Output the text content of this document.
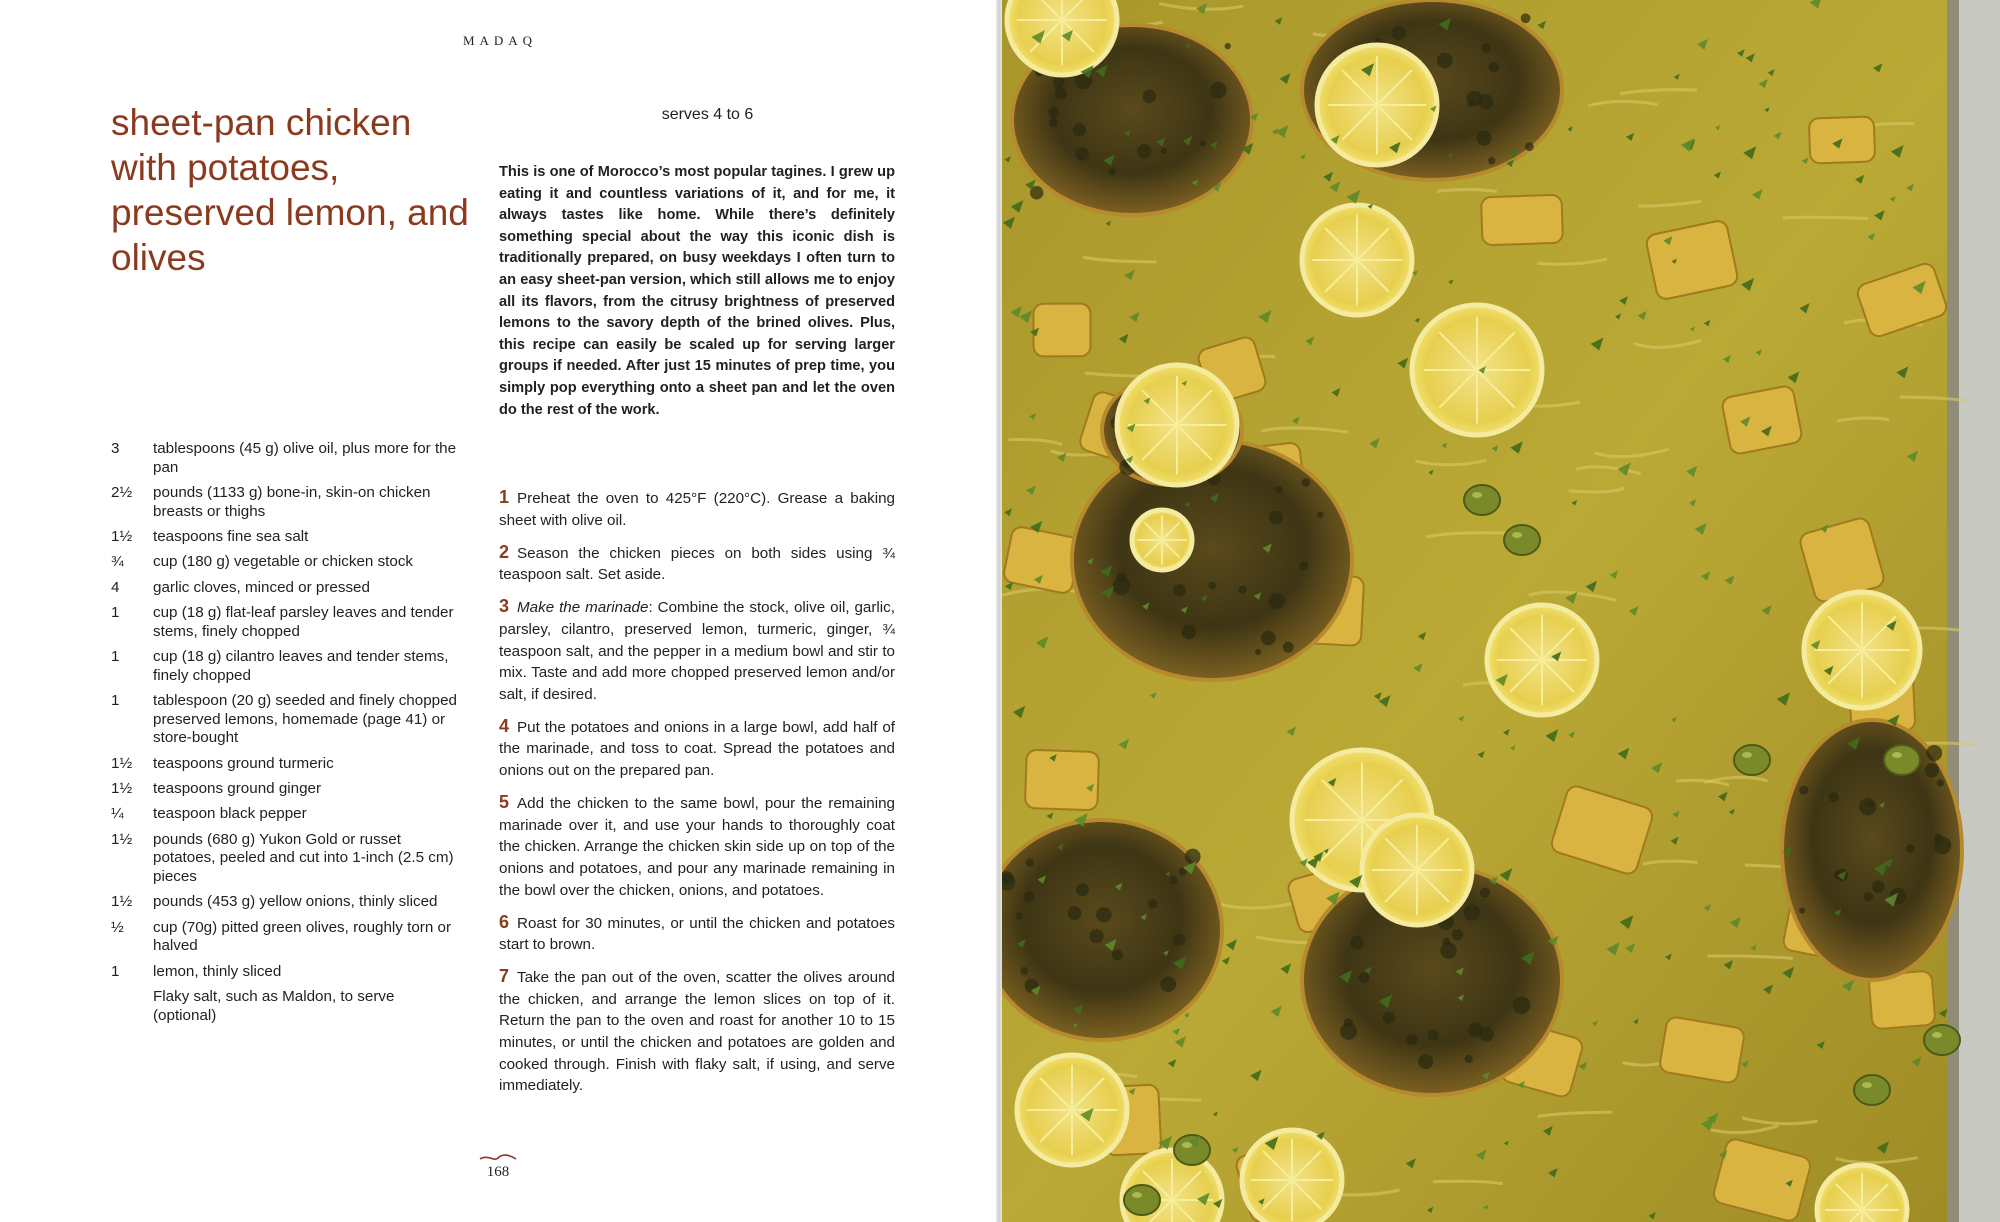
MADAQ
sheet-pan chicken with potatoes, preserved lemon, and olives
serves 4 to 6

This is one of Morocco’s most popular tagines. I grew up eating it and countless variations of it, and for me, it always tastes like home. While there’s definitely something special about the way this iconic dish is traditionally prepared, on busy weekdays I often turn to an easy sheet-pan version, which still allows me to enjoy all its flavors, from the citrusy brightness of preserved lemons to the savory depth of the brined olives. Plus, this recipe can easily be scaled up for serving larger groups if needed. After just 15 minutes of prep time, you simply pop everything onto a sheet pan and let the oven do the rest of the work.

3	tablespoons (45 g) olive oil, plus more for the pan
2½	pounds (1133 g) bone-in, skin-on chicken breasts or thighs
1½	teaspoons fine sea salt
¾	cup (180 g) vegetable or chicken stock
4	garlic cloves, minced or pressed
1	cup (18 g) flat-leaf parsley leaves and tender stems, finely chopped
1	cup (18 g) cilantro leaves and tender stems, finely chopped
1	tablespoon (20 g) seeded and finely chopped preserved lemons, homemade (page 41) or store-bought
1½	teaspoons ground turmeric
1½	teaspoons ground ginger
¼	teaspoon black pepper
1½	pounds (680 g) Yukon Gold or russet potatoes, peeled and cut into 1-inch (2.5 cm) pieces
1½	pounds (453 g) yellow onions, thinly sliced
½	cup (70g) pitted green olives, roughly torn or halved
1	lemon, thinly sliced
Flaky salt, such as Maldon, to serve (optional)
1 Preheat the oven to 425°F (220°C). Grease a baking sheet with olive oil.
2 Season the chicken pieces on both sides using ¾ teaspoon salt. Set aside.
3 Make the marinade: Combine the stock, olive oil, garlic, parsley, cilantro, preserved lemon, turmeric, ginger, ¾ teaspoon salt, and the pepper in a medium bowl and stir to mix. Taste and add more chopped preserved lemon and/or salt, if desired.
4 Put the potatoes and onions in a large bowl, add half of the marinade, and toss to coat. Spread the potatoes and onions out on the prepared pan.
5 Add the chicken to the same bowl, pour the remaining marinade over it, and use your hands to thoroughly coat the chicken. Arrange the chicken skin side up on top of the onions and potatoes, and pour any marinade remaining in the bowl over the chicken, onions, and potatoes.
6 Roast for 30 minutes, or until the chicken and potatoes start to brown.
7 Take the pan out of the oven, scatter the olives around the chicken, and arrange the lemon slices on top of it. Return the pan to the oven and roast for another 10 to 15 minutes, or until the chicken and potatoes are golden and cooked through. Finish with flaky salt, if using, and serve immediately.
168
